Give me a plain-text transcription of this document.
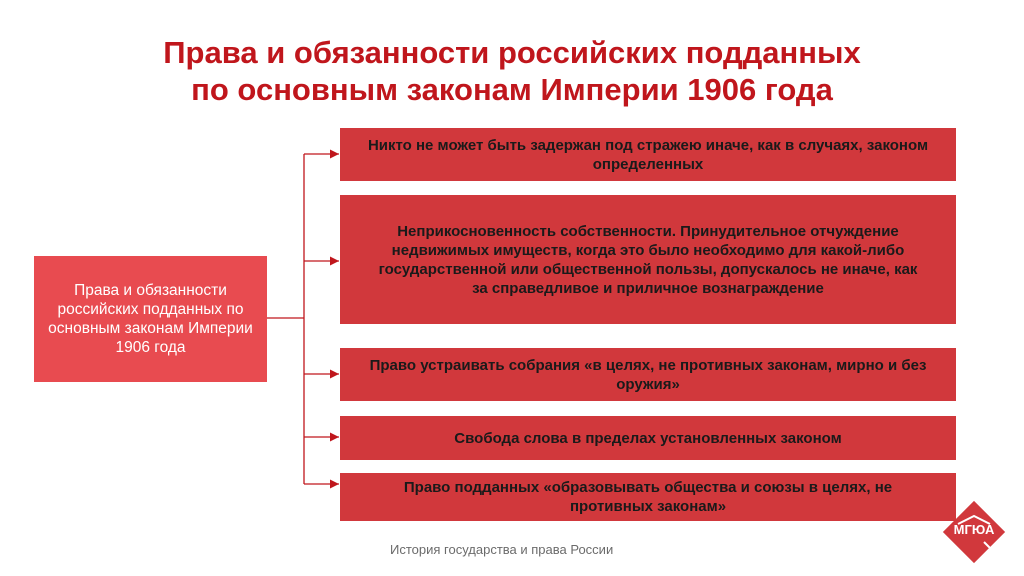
Права и обязанности российских подданных
по основным законам Империи 1906 года
Права и обязанности российских подданных по основным законам Империи 1906 года
Никто не может быть задержан под стражею иначе, как в случаях, законом определенных
Неприкосновенность собственности. Принудительное отчуждение недвижимых имуществ, когда это было необходимо для какой-либо государственной или общественной пользы, допускалось не иначе, как за справедливое и приличное вознаграждение
Право устраивать собрания «в целях, не противных законам, мирно и без оружия»
Свобода слова в пределах установленных законом
Право подданных «образовывать общества и союзы в целях, не противных законам»
История государства и права России
МГЮА
